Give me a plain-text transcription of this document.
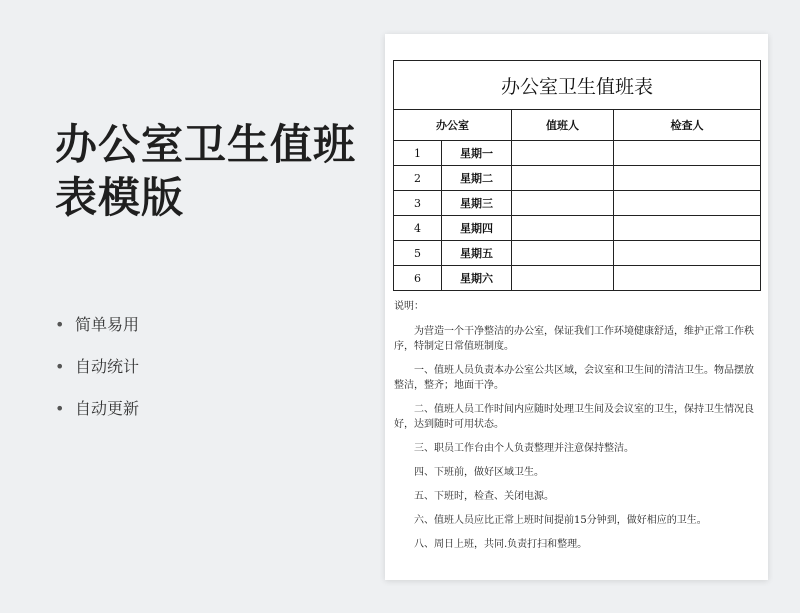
办公室卫生值班表模版
• 简单易用
• 自动统计
• 自动更新
办公室卫生值班表			
办公室		值班人	检查人
1	星期一		
2	星期二		
3	星期三		
4	星期四		
5	星期五		
6	星期六		
说明：

为营造一个干净整洁的办公室，保证我们工作环境健康舒适，维护正常工作秩序，特制定日常值班制度。

一、值班人员负责本办公室公共区域，会议室和卫生间的清洁卫生。物品摆放整洁，整齐；地面干净。

二、值班人员工作时间内应随时处理卫生间及会议室的卫生，保持卫生情况良好，达到随时可用状态。

三、职员工作台由个人负责整理并注意保持整洁。

四、下班前，做好区域卫生。

五、下班时，检查、关闭电源。

六、值班人员应比正常上班时间提前15分钟到，做好相应的卫生。

八、周日上班，共同.负责打扫和整理。
